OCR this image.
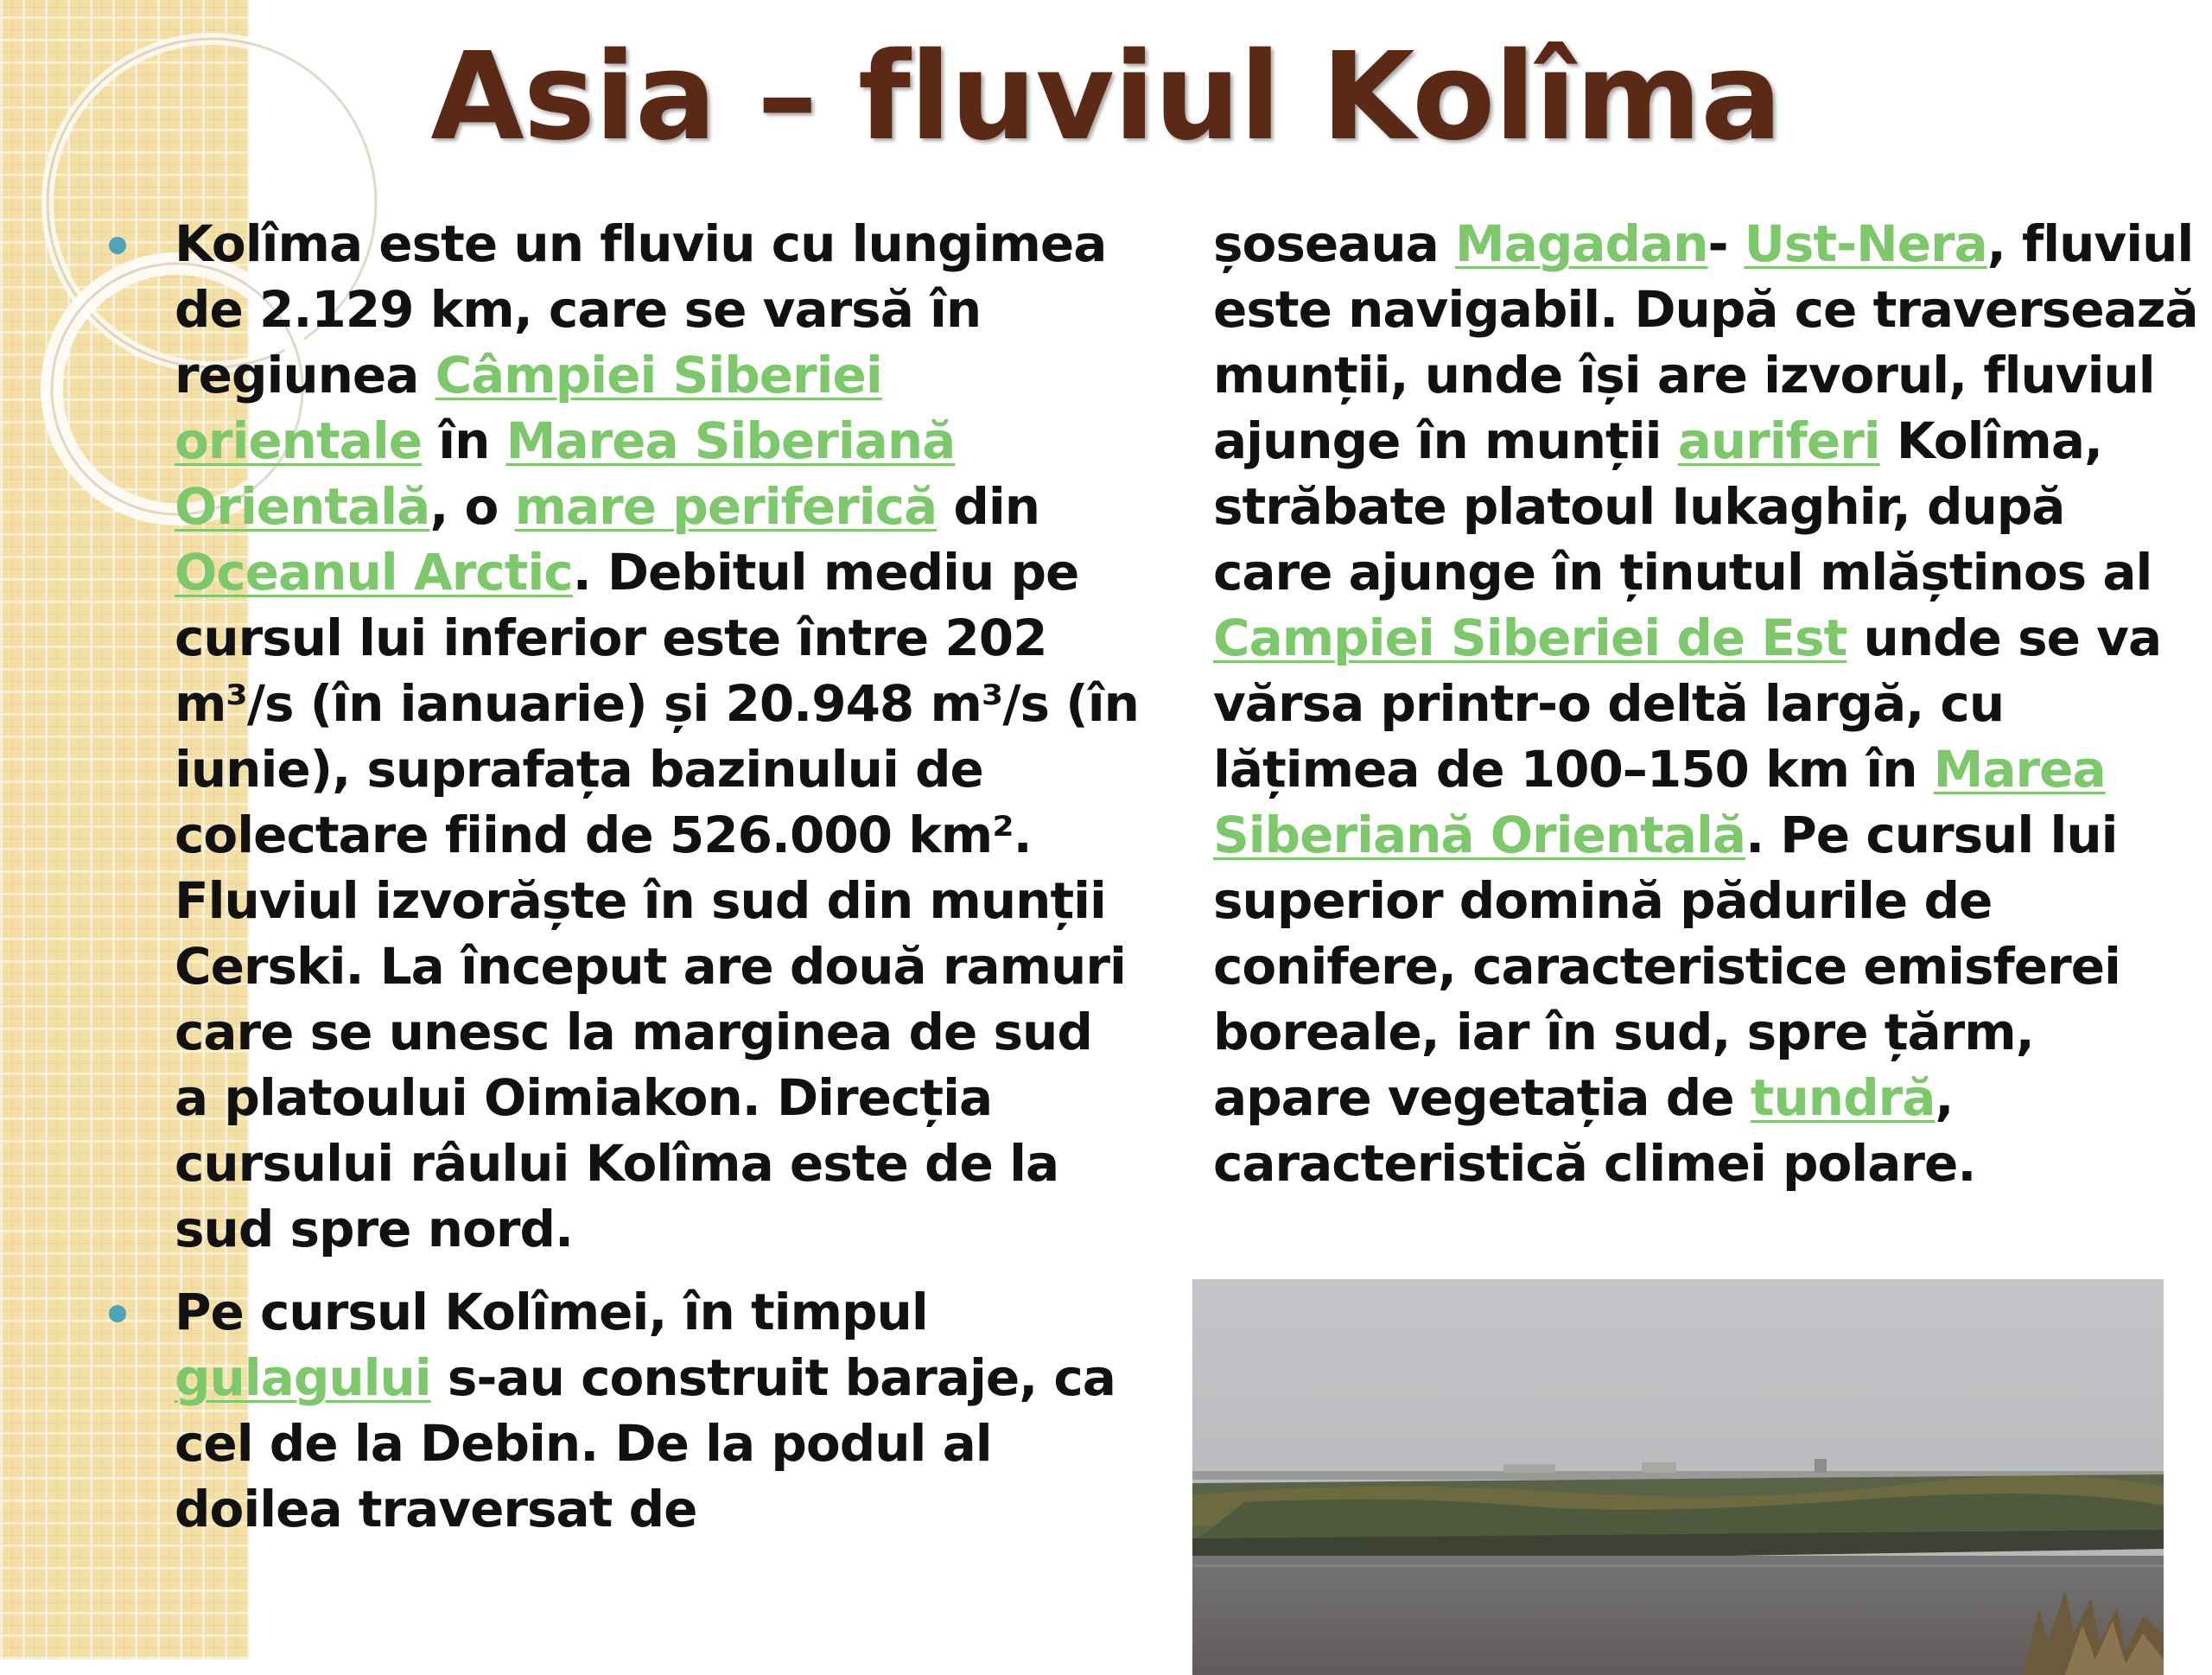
Asia – fluviul Kolîma

Kolîma este un fluviu cu lungimea de 2.129 km, care se varsă în regiunea Câmpiei Siberiei orientale în Marea Siberiană Orientală, o mare periferică din Oceanul Arctic. Debitul mediu pe cursul lui inferior este între 202 m³/s (în ianuarie) și 20.948 m³/s (în iunie), suprafața bazinului de colectare fiind de 526.000 km². Fluviul izvorăște în sud din munții Cerski. La început are două ramuri care se unesc la marginea de sud a platoului Oimiakon. Direcția cursului râului Kolîma este de la sud spre nord.

Pe cursul Kolîmei, în timpul gulagului s-au construit baraje, ca cel de la Debin. De la podul al doilea traversat de

șoseaua Magadan- Ust-Nera, fluviul este navigabil. După ce traversează munții, unde își are izvorul, fluviul ajunge în munții auriferi Kolîma, străbate platoul Iukaghir, după care ajunge în ținutul mlăștinos al Campiei Siberiei de Est unde se va vărsa printr-o deltă largă, cu lățimea de 100–150 km în Marea Siberiană Orientală. Pe cursul lui superior domină pădurile de conifere, caracteristice emisferei boreale, iar în sud, spre țărm, apare vegetația de tundră, caracteristică climei polare.
